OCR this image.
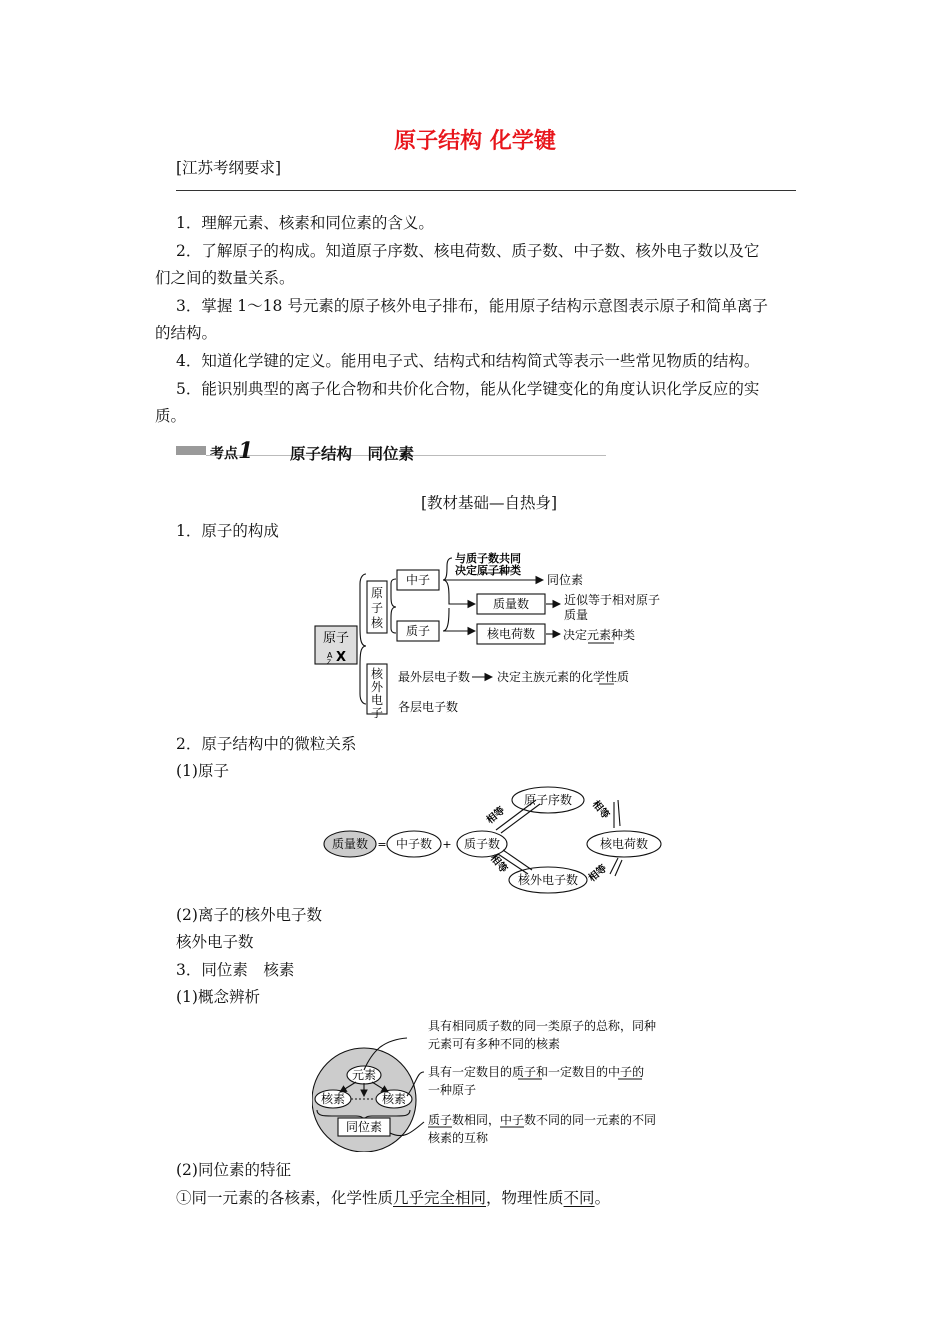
原子结构 化学键
[江苏考纲要求]
1．理解元素、核素和同位素的含义。
2．了解原子的构成。知道原子序数、核电荷数、质子数、中子数、核外电子数以及它
们之间的数量关系。
3．掌握 1～18 号元素的原子核外电子排布，能用原子结构示意图表示原子和简单离子
的结构。
4．知道化学键的定义。能用电子式、结构式和结构简式等表示一些常见物质的结构。
5．能识别典型的离子化合物和共价化合物，能从化学键变化的角度认识化学反应的实
质。
考点1 原子结构　同位素
[教材基础—自热身]
1．原子的构成
原子
A
Z X
原
子
核
核
外
电
子
中子
质子
与质子数共同
决定原子种类
同位素
质量数	近似等于相对原子
质量
核电荷数 决定元素种类
最外层电子数 决定主族元素的化学性质
各层电子数
2．原子结构中的微粒关系
(1)原子
质量数 = 中子数 + 质子数
原子序数
核电荷数
核外电子数
相等	相等
相等	相等
(2)离子的核外电子数
核外电子数
3．同位素　核素
(1)概念辨析
元素
核素	核素
同位素
具有相同质子数的同一类原子的总称，同种
元素可有多种不同的核素
具有一定数目的质子和一定数目的中子的
一种原子
质子数相同，中子数不同的同一元素的不同
核素的互称
(2)同位素的特征
①同一元素的各核素，化学性质几乎完全相同，物理性质不同。
